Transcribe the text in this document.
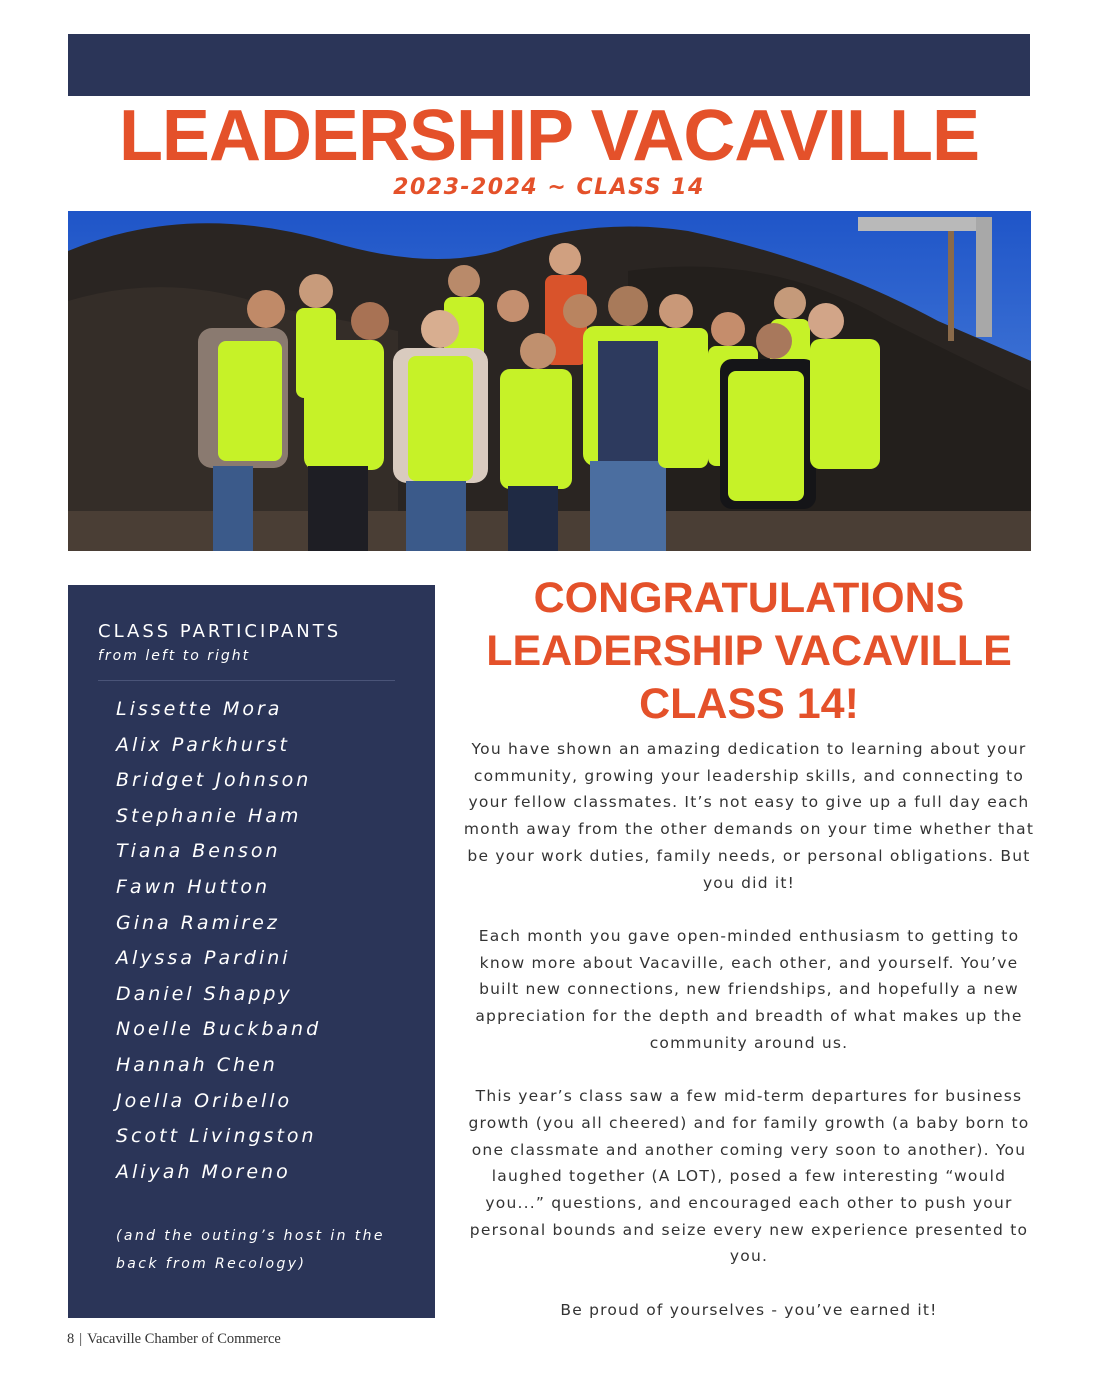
LEADERSHIP VACAVILLE
2023-2024 ~ CLASS 14
CLASS PARTICIPANTS
from left to right
Lissette Mora
Alix Parkhurst
Bridget Johnson
Stephanie Ham
Tiana Benson
Fawn Hutton
Gina Ramirez
Alyssa Pardini
Daniel Shappy
Noelle Buckband
Hannah Chen
Joella Oribello
Scott Livingston
Aliyah Moreno
(and the outing’s host in the back from Recology)
CONGRATULATIONS
LEADERSHIP VACAVILLE
CLASS 14!

You have shown an amazing dedication to learning about your community, growing your leadership skills, and connecting to your fellow classmates. It’s not easy to give up a full day each month away from the other demands on your time whether that be your work duties, family needs, or personal obligations. But you did it!

Each month you gave open-minded enthusiasm to getting to know more about Vacaville, each other, and yourself. You’ve built new connections, new friendships, and hopefully a new appreciation for the depth and breadth of what makes up the community around us.

This year’s class saw a few mid-term departures for business growth (you all cheered) and for family growth (a baby born to one classmate and another coming very soon to another). You laughed together (A LOT), posed a few interesting “would you...” questions, and encouraged each other to push your personal bounds and seize every new experience presented to you.

Be proud of yourselves - you’ve earned it!

8 | Vacaville Chamber of Commerce
